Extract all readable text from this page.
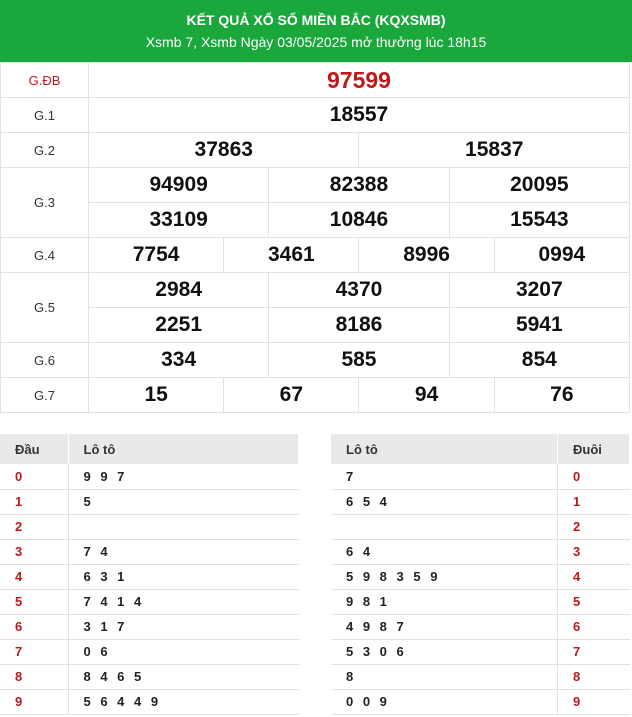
KẾT QUẢ XỔ SỐ MIỀN BẮC (KQXSMB)
Xsmb 7, Xsmb Ngày 03/05/2025 mở thưởng lúc 18h15
G.ĐB	97599					
G.1	18557					
G.2	37863			15837		
G.3	94909		82388		20095	
	33109		10846		15543	
G.4	7754	3461		8996		0994
G.5	2984		4370		3207	
	2251		8186		5941	
G.6	334		585		854	
G.7	15	67		94		76
Đầu	Lô tô
0	9 9 7
1	5
2	
3	7 4
4	6 3 1
5	7 4 1 4
6	3 1 7
7	0 6
8	8 4 6 5
9	5 6 4 4 9
Lô tô	Đuôi
7	0
6 5 4	1
	2
6 4	3
5 9 8 3 5 9	4
9 8 1	5
4 9 8 7	6
5 3 0 6	7
8	8
0 0 9	9
